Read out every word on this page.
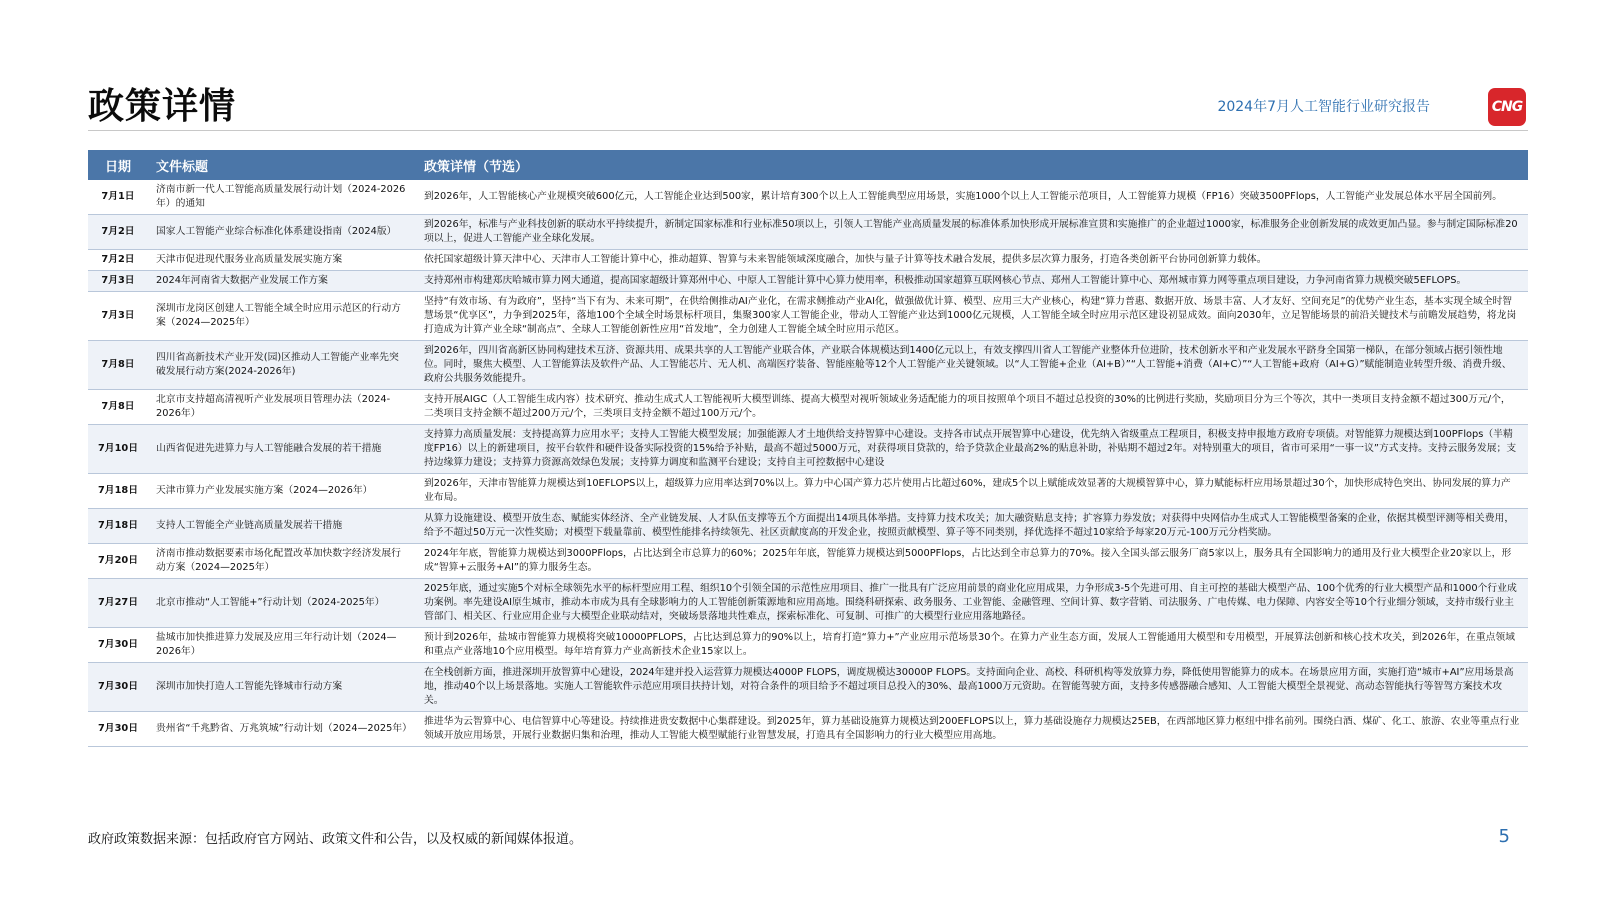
政策详情	2024年7月人工智能行业研究报告	CNG
日期	文件标题	政策详情（节选）
7月1日	济南市新一代人工智能高质量发展行动计划（2024-2026年）的通知	到2026年，人工智能核心产业规模突破600亿元，人工智能企业达到500家，累计培育300个以上人工智能典型应用场景，实施1000个以上人工智能示范项目，人工智能算力规模（FP16）突破3500PFlops，人工智能产业发展总体水平居全国前列。
7月2日	国家人工智能产业综合标准化体系建设指南（2024版）	到2026年，标准与产业科技创新的联动水平持续提升，新制定国家标准和行业标准50项以上，引领人工智能产业高质量发展的标准体系加快形成开展标准宣贯和实施推广的企业超过1000家，标准服务企业创新发展的成效更加凸显。参与制定国际标准20项以上，促进人工智能产业全球化发展。
7月2日	天津市促进现代服务业高质量发展实施方案	依托国家超级计算天津中心、天津市人工智能计算中心，推动超算、智算与未来智能领域深度融合，加快与量子计算等技术融合发展，提供多层次算力服务，打造各类创新平台协同创新算力载体。
7月3日	2024年河南省大数据产业发展工作方案	支持郑州市构建郑庆哈城市算力网大通道，提高国家超级计算郑州中心、中原人工智能计算中心算力使用率，积极推动国家超算互联网核心节点、郑州人工智能计算中心、郑州城市算力网等重点项目建设，力争河南省算力规模突破5EFLOPS。
7月3日	深圳市龙岗区创建人工智能全域全时应用示范区的行动方案（2024—2025年）	坚持“有效市场、有为政府”，坚持“当下有为、未来可期”，在供给侧推动AI产业化，在需求侧推动产业AI化，做强做优计算、模型、应用三大产业核心，构建“算力普惠、数据开放、场景丰富、人才友好、空间充足”的优势产业生态，基本实现全域全时智慧场景“优享区”，力争到2025年，落地100个全域全时场景标杆项目，集聚300家人工智能企业，带动人工智能产业达到1000亿元规模，人工智能全域全时应用示范区建设初显成效。面向2030年，立足智能场景的前沿关键技术与前瞻发展趋势，将龙岗打造成为计算产业全球“制高点”、全球人工智能创新性应用“首发地”，全力创建人工智能全域全时应用示范区。
7月8日	四川省高新技术产业开发(园)区推动人工智能产业率先突破发展行动方案(2024-2026年)	到2026年，四川省高新区协同构建技术互济、资源共用、成果共享的人工智能产业联合体，产业联合体规模达到1400亿元以上，有效支撑四川省人工智能产业整体升位进阶，技术创新水平和产业发展水平跻身全国第一梯队，在部分领域占据引领性地位。同时，聚焦大模型、人工智能算法及软件产品、人工智能芯片、无人机、高端医疗装备、智能座舱等12个人工智能产业关键领域。以“人工智能+企业（AI+B）”“人工智能+消费（AI+C）”“人工智能+政府（AI+G）”赋能制造业转型升级、消费升级、政府公共服务效能提升。
7月8日	北京市支持超高清视听产业发展项目管理办法（2024-2026年）	支持开展AIGC（人工智能生成内容）技术研究、推动生成式人工智能视听大模型训练、提高大模型对视听领域业务适配能力的项目按照单个项目不超过总投资的30%的比例进行奖励，奖励项目分为三个等次，其中一类项目支持金额不超过300万元/个，二类项目支持金额不超过200万元/个，三类项目支持金额不超过100万元/个。
7月10日	山西省促进先进算力与人工智能融合发展的若干措施	支持算力高质量发展：支持提高算力应用水平；支持人工智能大模型发展；加强能源人才土地供给支持智算中心建设。支持各市试点开展智算中心建设，优先纳入省级重点工程项目，积极支持申报地方政府专项债。对智能算力规模达到100PFlops（半精度FP16）以上的新建项目，按平台软件和硬件设备实际投资的15%给予补贴，最高不超过5000万元，对获得项目贷款的，给予贷款企业最高2%的贴息补助，补贴期不超过2年。对特别重大的项目，省市可采用“一事一议”方式支持。支持云服务发展；支持边缘算力建设；支持算力资源高效绿色发展；支持算力调度和监测平台建设；支持自主可控数据中心建设
7月18日	天津市算力产业发展实施方案（2024—2026年）	到2026年，天津市智能算力规模达到10EFLOPS以上，超级算力应用率达到70%以上。算力中心国产算力芯片使用占比超过60%，建成5个以上赋能成效显著的大规模智算中心，算力赋能标杆应用场景超过30个，加快形成特色突出、协同发展的算力产业布局。
7月18日	支持人工智能全产业链高质量发展若干措施	从算力设施建设、模型开放生态、赋能实体经济、全产业链发展、人才队伍支撑等五个方面提出14项具体举措。支持算力技术攻关；加大融资贴息支持；扩容算力券发放；对获得中央网信办生成式人工智能模型备案的企业，依据其模型评测等相关费用，给予不超过50万元一次性奖励；对模型下载量靠前、模型性能排名持续领先、社区贡献度高的开发企业，按照贡献模型、算子等不同类别，择优选择不超过10家给予每家20万元-100万元分档奖励。
7月20日	济南市推动数据要素市场化配置改革加快数字经济发展行动方案（2024—2025年）	2024年年底，智能算力规模达到3000PFlops，占比达到全市总算力的60%；2025年年底，智能算力规模达到5000PFlops，占比达到全市总算力的70%。接入全国头部云服务厂商5家以上，服务具有全国影响力的通用及行业大模型企业20家以上，形成“智算+云服务+AI”的算力服务生态。
7月27日	北京市推动“人工智能+”行动计划（2024-2025年）	2025年底，通过实施5个对标全球领先水平的标杆型应用工程、组织10个引领全国的示范性应用项目、推广一批具有广泛应用前景的商业化应用成果，力争形成3-5个先进可用、自主可控的基础大模型产品、100个优秀的行业大模型产品和1000个行业成功案例。率先建设AI原生城市，推动本市成为具有全球影响力的人工智能创新策源地和应用高地。围绕科研探索、政务服务、工业智能、金融管理、空间计算、数字营销、司法服务、广电传媒、电力保障、内容安全等10个行业细分领域，支持市级行业主管部门、相关区、行业应用企业与大模型企业联动结对，突破场景落地共性难点，探索标准化、可复制、可推广的大模型行业应用落地路径。
7月30日	盐城市加快推进算力发展及应用三年行动计划（2024—2026年）	预计到2026年，盐城市智能算力规模将突破10000PFLOPS，占比达到总算力的90%以上，培育打造“算力+”产业应用示范场景30个。在算力产业生态方面，发展人工智能通用大模型和专用模型，开展算法创新和核心技术攻关，到2026年，在重点领域和重点产业落地10个应用模型。每年培育算力产业高新技术企业15家以上。
7月30日	深圳市加快打造人工智能先锋城市行动方案	在全栈创新方面，推进深圳开放智算中心建设，2024年建并投入运营算力规模达4000P FLOPS，调度规模达30000P FLOPS。支持面向企业、高校、科研机构等发放算力券，降低使用智能算力的成本。在场景应用方面，实施打造“城市+AI”应用场景高地，推动40个以上场景落地。实施人工智能软件示范应用项目扶持计划，对符合条件的项目给予不超过项目总投入的30%、最高1000万元资助。在智能驾驶方面，支持多传感器融合感知、人工智能大模型全景视觉、高动态智能执行等智驾方案技术攻关。
7月30日	贵州省“千兆黔省、万兆筑城”行动计划（2024—2025年）	推进华为云智算中心、电信智算中心等建设。持续推进贵安数据中心集群建设。到2025年，算力基础设施算力规模达到200EFLOPS以上，算力基础设施存力规模达25EB，在西部地区算力枢纽中排名前列。围绕白酒、煤矿、化工、旅游、农业等重点行业领域开放应用场景，开展行业数据归集和治理，推动人工智能大模型赋能行业智慧发展，打造具有全国影响力的行业大模型应用高地。
政府政策数据来源：包括政府官方网站、政策文件和公告，以及权威的新闻媒体报道。	5
